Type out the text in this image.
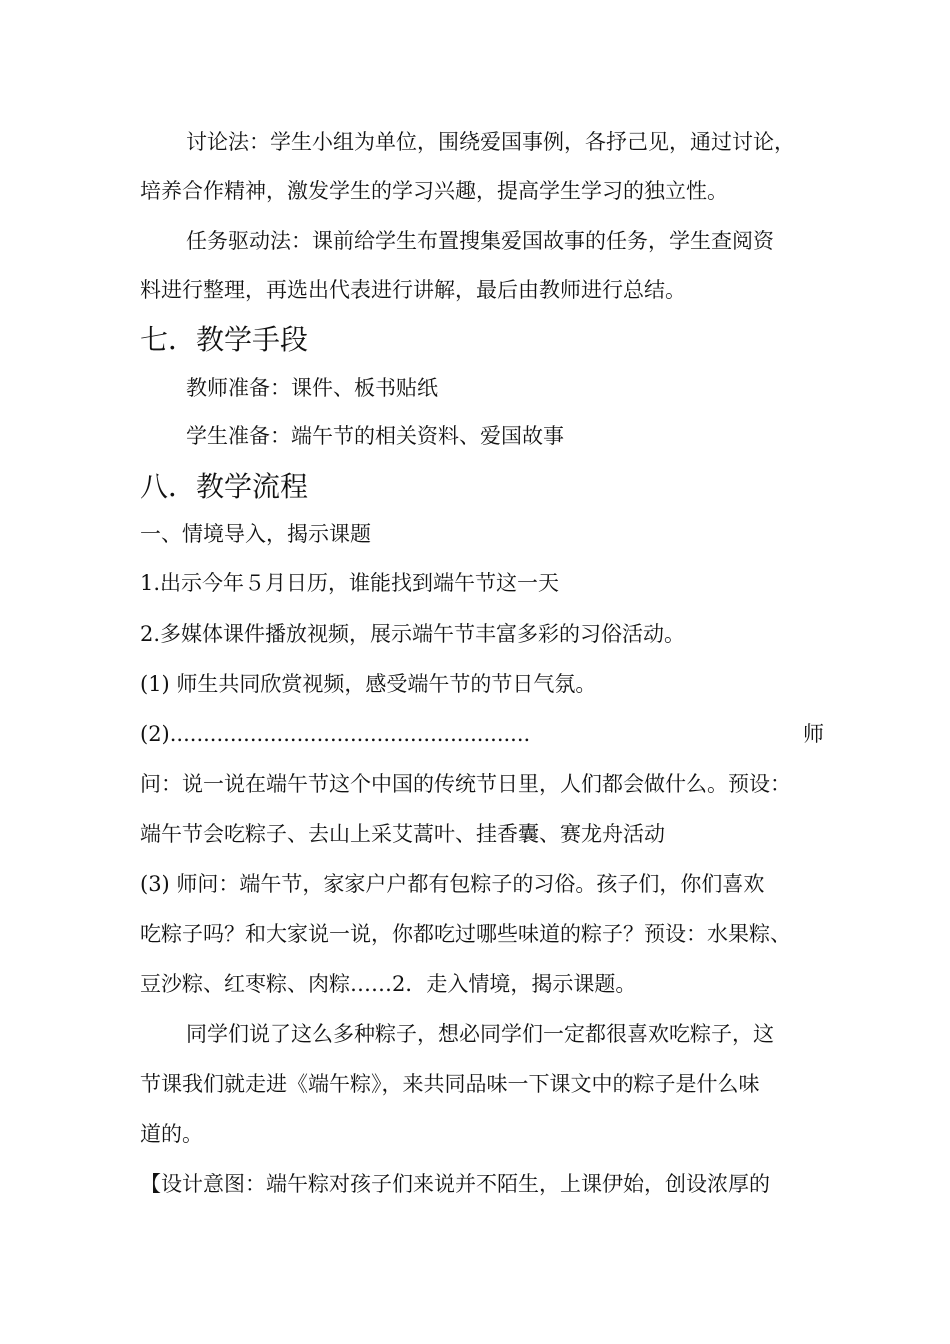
讨论法：学生小组为单位，围绕爱国事例，各抒己见，通过讨论，
培养合作精神，激发学生的学习兴趣，提高学生学习的独立性。
任务驱动法：课前给学生布置搜集爱国故事的任务，学生查阅资
料进行整理，再选出代表进行讲解，最后由教师进行总结。
七．教学手段
教师准备：课件、板书贴纸
学生准备：端午节的相关资料、爱国故事
八．教学流程
一、情境导入，揭示课题
1.出示今年５月日历，谁能找到端午节这一天
2.多媒体课件播放视频，展示端午节丰富多彩的习俗活动。
(1) 师生共同欣赏视频，感受端午节的节日气氛。
(2)......................................................	师
问：说一说在端午节这个中国的传统节日里，人们都会做什么。预设：
端午节会吃粽子、去山上采艾蒿叶、挂香囊、赛龙舟活动
(3) 师问：端午节，家家户户都有包粽子的习俗。孩子们，你们喜欢
吃粽子吗？和大家说一说，你都吃过哪些味道的粽子？预设：水果粽、
豆沙粽、红枣粽、肉粽……2．走入情境，揭示课题。
同学们说了这么多种粽子，想必同学们一定都很喜欢吃粽子，这
节课我们就走进《端午粽》，来共同品味一下课文中的粽子是什么味
道的。
【设计意图：端午粽对孩子们来说并不陌生，上课伊始，创设浓厚的
